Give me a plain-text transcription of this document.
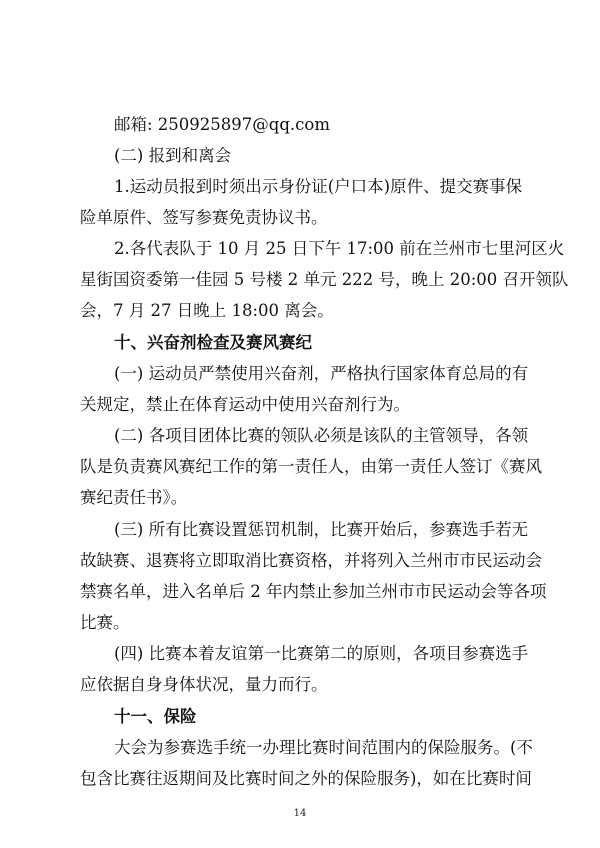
邮箱: 250925897@qq.com
(二) 报到和离会
1.运动员报到时须出示身份证(户口本)原件、提交赛事保
险单原件、签写参赛免责协议书。
2.各代表队于 10 月 25 日下午 17:00 前在兰州市七里河区火
星街国资委第一佳园 5 号楼 2 单元 222 号，晚上 20:00 召开领队
会，7 月 27 日晚上 18:00 离会。
十、兴奋剂检查及赛风赛纪
(一) 运动员严禁使用兴奋剂，严格执行国家体育总局的有
关规定，禁止在体育运动中使用兴奋剂行为。
(二) 各项目团体比赛的领队必须是该队的主管领导，各领
队是负责赛风赛纪工作的第一责任人，由第一责任人签订《赛风
赛纪责任书》。
(三) 所有比赛设置惩罚机制，比赛开始后，参赛选手若无
故缺赛、退赛将立即取消比赛资格，并将列入兰州市市民运动会
禁赛名单，进入名单后 2 年内禁止参加兰州市市民运动会等各项
比赛。
(四) 比赛本着友谊第一比赛第二的原则，各项目参赛选手
应依据自身身体状况，量力而行。
十一、保险
大会为参赛选手统一办理比赛时间范围内的保险服务。(不
包含比赛往返期间及比赛时间之外的保险服务)，如在比赛时间
14
